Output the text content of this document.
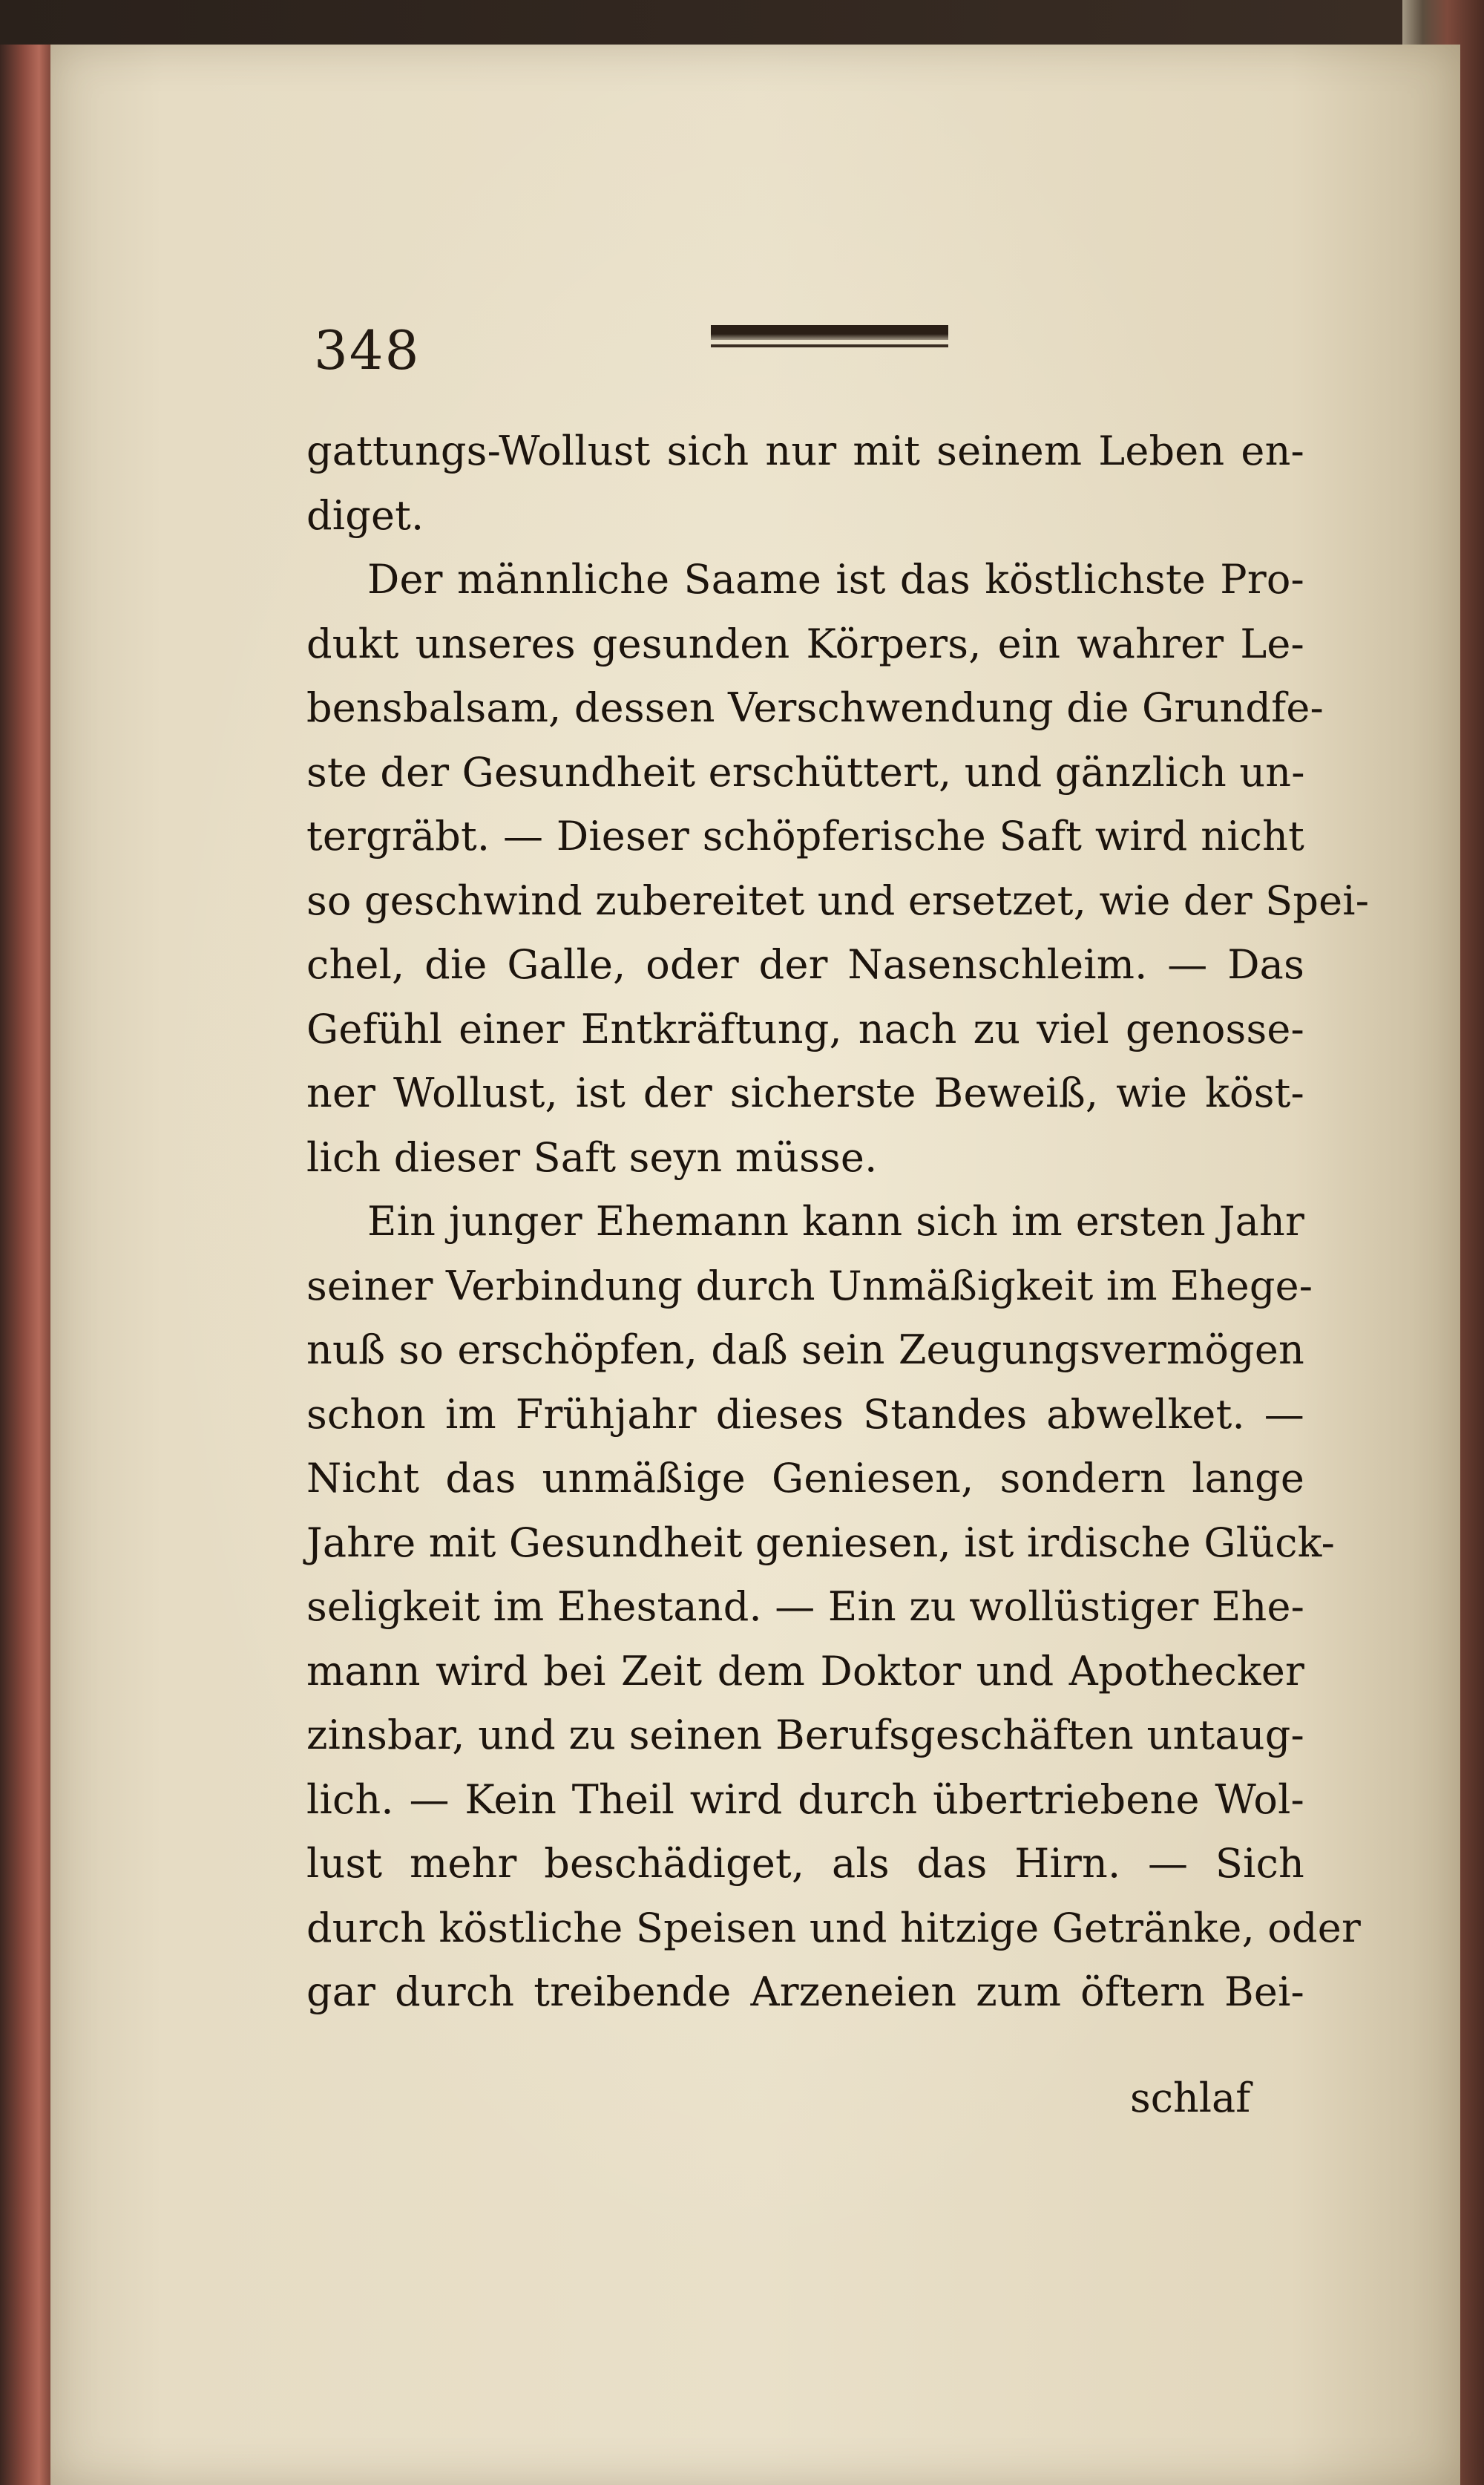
348
gattungs-Wollust sich nur mit seinem Leben en-
diget.
Der männliche Saame ist das köstlichste Pro-
dukt unseres gesunden Körpers, ein wahrer Le-
bensbalsam, dessen Verschwendung die Grundfe-
ste der Gesundheit erschüttert, und gänzlich un-
tergräbt. — Dieser schöpferische Saft wird nicht
so geschwind zubereitet und ersetzet, wie der Spei-
chel, die Galle, oder der Nasenschleim. — Das
Gefühl einer Entkräftung, nach zu viel genosse-
ner Wollust, ist der sicherste Beweiß, wie köst-
lich dieser Saft seyn müsse.
Ein junger Ehemann kann sich im ersten Jahr
seiner Verbindung durch Unmäßigkeit im Ehege-
nuß so erschöpfen, daß sein Zeugungsvermögen
schon im Frühjahr dieses Standes abwelket. —
Nicht das unmäßige Geniesen, sondern lange
Jahre mit Gesundheit geniesen, ist irdische Glück-
seligkeit im Ehestand. — Ein zu wollüstiger Ehe-
mann wird bei Zeit dem Doktor und Apothecker
zinsbar, und zu seinen Berufsgeschäften untaug-
lich. — Kein Theil wird durch übertriebene Wol-
lust mehr beschädiget, als das Hirn. — Sich
durch köstliche Speisen und hitzige Getränke, oder
gar durch treibende Arzeneien zum öftern Bei-
schlaf
